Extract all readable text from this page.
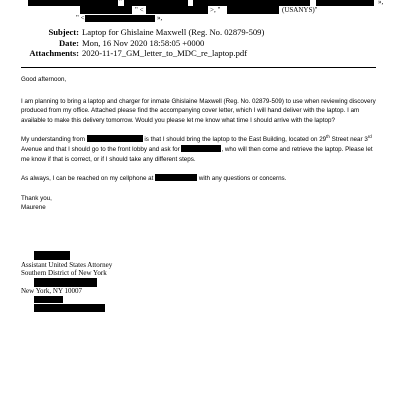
"	»,
" <	>, "	(USANYS)"
" <	»,
Subject: Laptop for Ghislaine Maxwell (Reg. No. 02879-509)
Date: Mon, 16 Nov 2020 18:58:05 +0000
Attachments: 2020-11-17_GM_letter_to_MDC_re_laptop.pdf

Good afternoon,

I am planning to bring a laptop and charger for inmate Ghislaine Maxwell (Reg. No. 02879-509) to use when reviewing discovery produced from my office. Attached please find the accompanying cover letter, which I will hand deliver with the laptop. I am available to make this delivery tomorrow. Would you please let me know what time I should arrive with the laptop?

My understanding from	is that I should bring the laptop to the East Building, located on 29th Street near 3rd Avenue and that I should go to the front lobby and ask for	, who will then come and retrieve the laptop. Please let me know if that is correct, or if I should take any different steps.

As always, I can be reached on my cellphone at	with any questions or concerns.

Thank you,

Maurene

Assistant United States Attorney
Southern District of New York
New York, NY 10007
